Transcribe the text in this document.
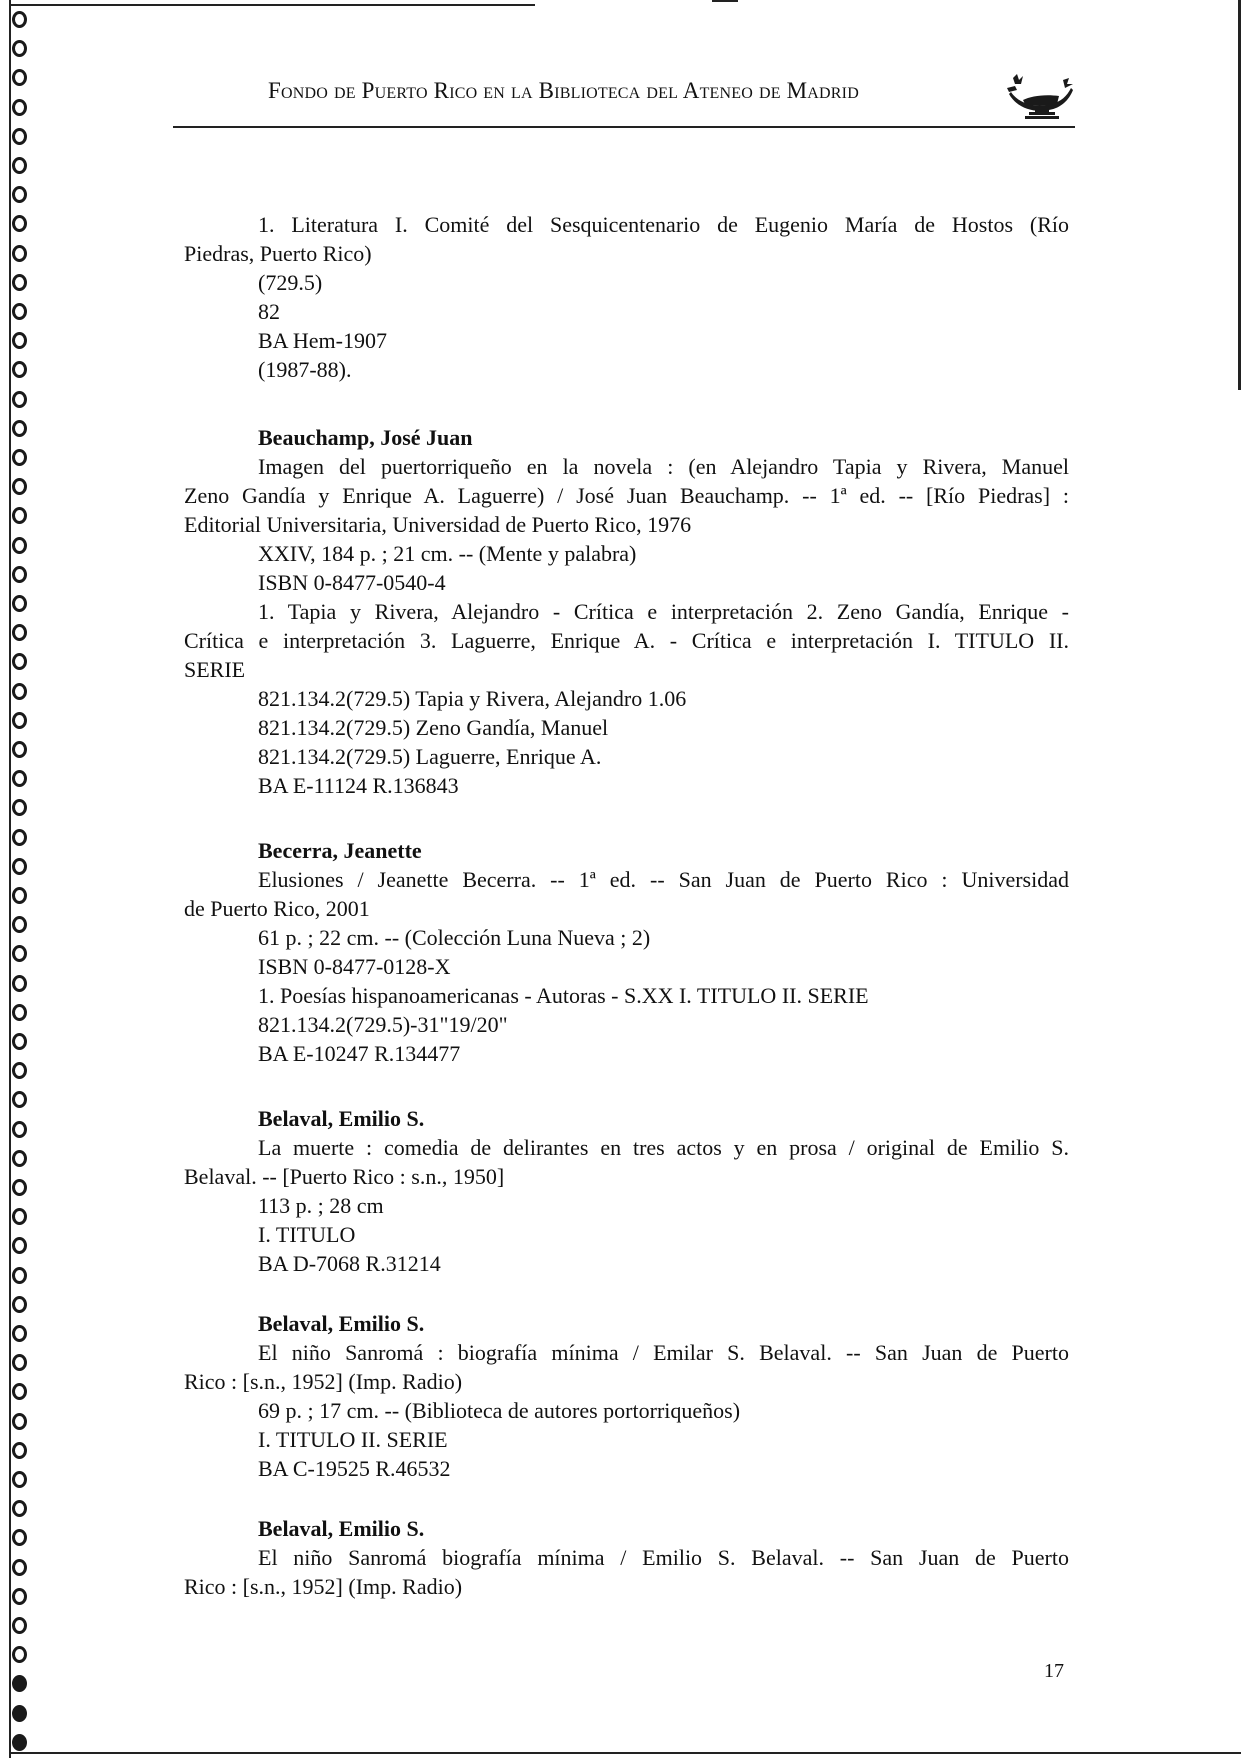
Fondo de Puerto Rico en la Biblioteca del Ateneo de Madrid
1. Literatura I. Comité del Sesquicentenario de Eugenio María de Hostos (Río
Piedras, Puerto Rico)
(729.5)
82
BA Hem-1907
(1987-88).
Beauchamp, José Juan
Imagen del puertorriqueño en la novela : (en Alejandro Tapia y Rivera, Manuel
Zeno Gandía y Enrique A. Laguerre) / José Juan Beauchamp. -- 1ª ed. -- [Río Piedras] :
Editorial Universitaria, Universidad de Puerto Rico, 1976
XXIV, 184 p. ; 21 cm. -- (Mente y palabra)
ISBN 0-8477-0540-4
1. Tapia y Rivera, Alejandro - Crítica e interpretación 2. Zeno Gandía, Enrique -
Crítica e interpretación 3. Laguerre, Enrique A. - Crítica e interpretación I. TITULO II.
SERIE
821.134.2(729.5) Tapia y Rivera, Alejandro 1.06
821.134.2(729.5) Zeno Gandía, Manuel
821.134.2(729.5) Laguerre, Enrique A.
BA E-11124 R.136843
Becerra, Jeanette
Elusiones / Jeanette Becerra. -- 1ª ed. -- San Juan de Puerto Rico : Universidad
de Puerto Rico, 2001
61 p. ; 22 cm. -- (Colección Luna Nueva ; 2)
ISBN 0-8477-0128-X
1. Poesías hispanoamericanas - Autoras - S.XX I. TITULO II. SERIE
821.134.2(729.5)-31"19/20"
BA E-10247 R.134477
Belaval, Emilio S.
La muerte : comedia de delirantes en tres actos y en prosa / original de Emilio S.
Belaval. -- [Puerto Rico : s.n., 1950]
113 p. ; 28 cm
I. TITULO
BA D-7068 R.31214
Belaval, Emilio S.
El niño Sanromá : biografía mínima / Emilar S. Belaval. -- San Juan de Puerto
Rico : [s.n., 1952] (Imp. Radio)
69 p. ; 17 cm. -- (Biblioteca de autores portorriqueños)
I. TITULO II. SERIE
BA C-19525 R.46532
Belaval, Emilio S.
El niño Sanromá biografía mínima / Emilio S. Belaval. -- San Juan de Puerto
Rico : [s.n., 1952] (Imp. Radio)
17
